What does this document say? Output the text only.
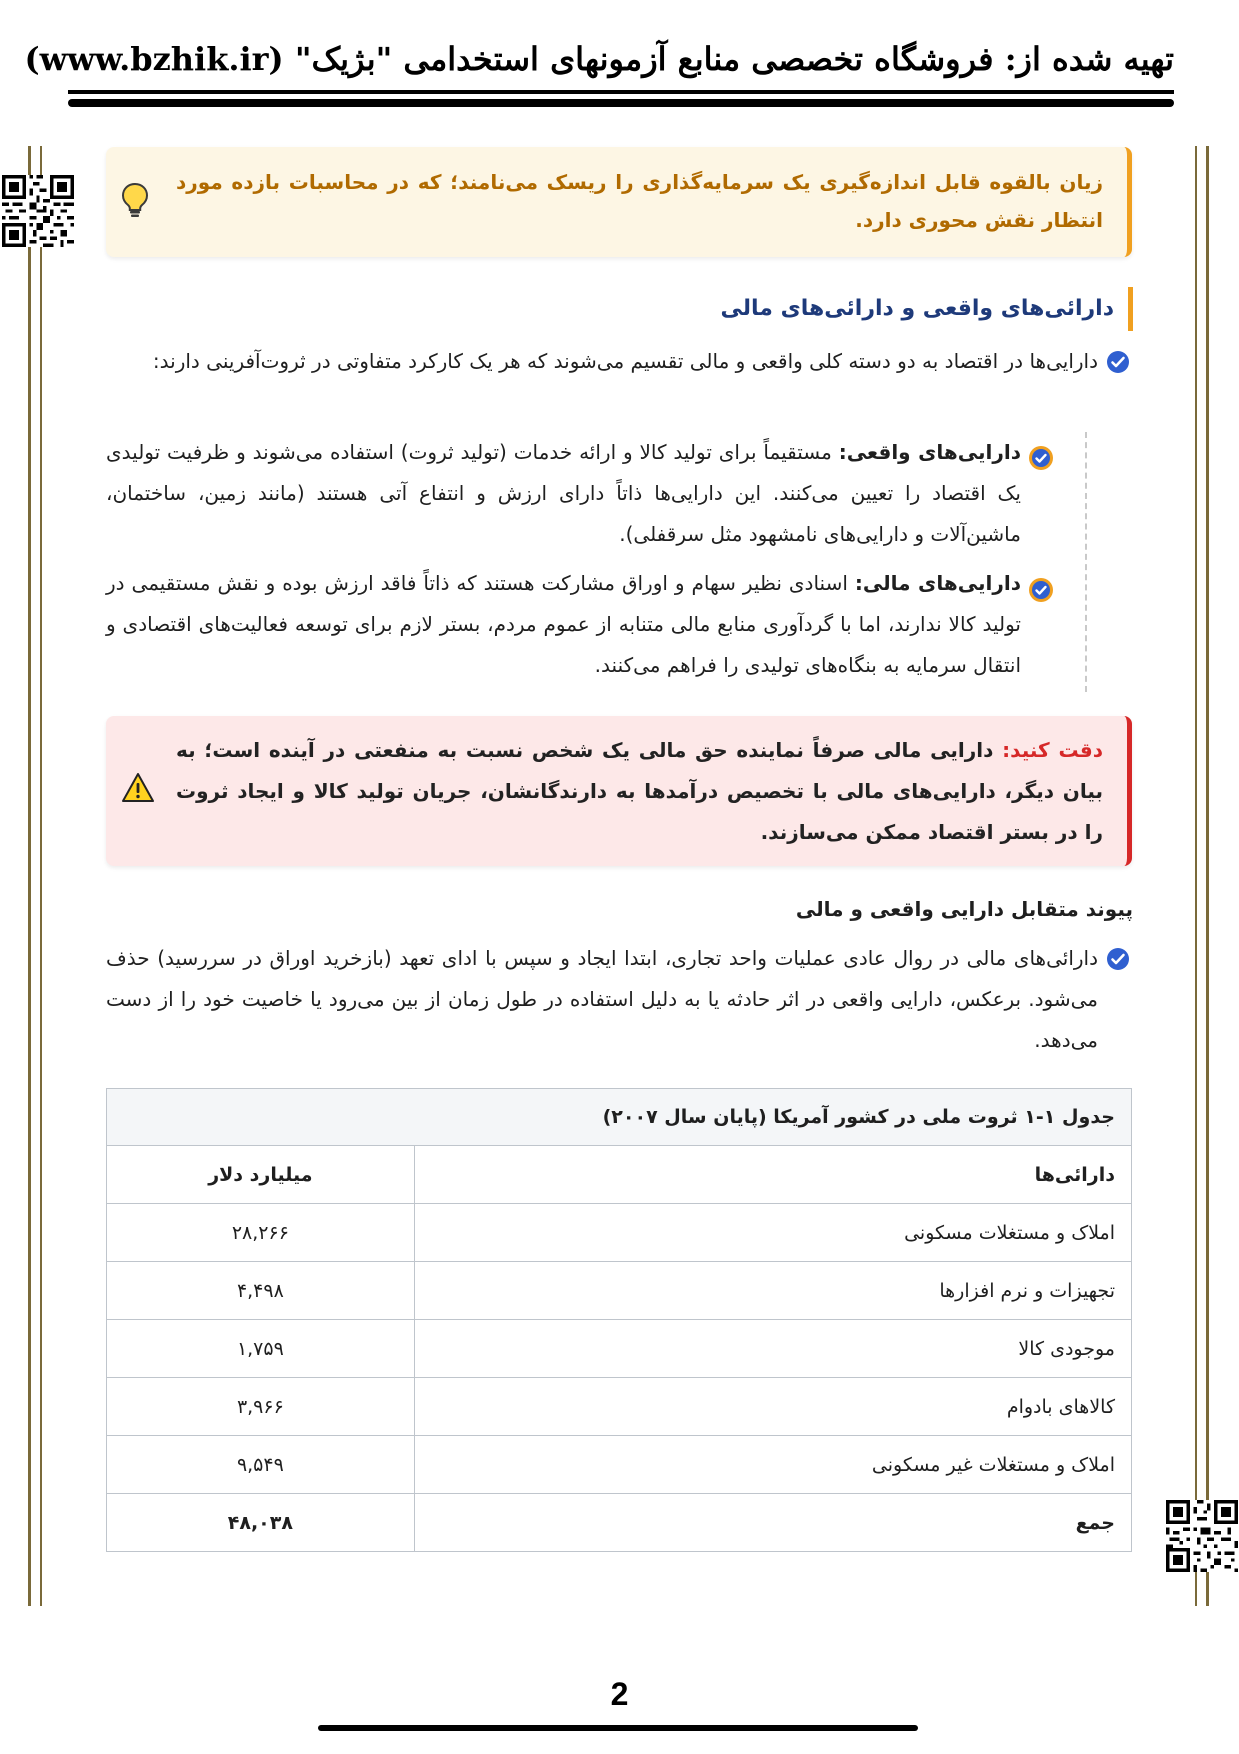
تهیه شده از: فروشگاه تخصصی منابع آزمونهای استخدامی "بژیک" (www.bzhik.ir)

زیان بالقوه قابل اندازه‌گیری یک سرمایه‌گذاری را ریسک می‌نامند؛ که در محاسبات بازده مورد انتظار نقش محوری دارد.

دارائی‌های واقعی و دارائی‌های مالی

دارایی‌ها در اقتصاد به دو دسته کلی واقعی و مالی تقسیم می‌شوند که هر یک کارکرد متفاوتی در ثروت‌آفرینی دارند:

دارایی‌های واقعی: مستقیماً برای تولید کالا و ارائه خدمات (تولید ثروت) استفاده می‌شوند و ظرفیت تولیدی یک اقتصاد را تعیین می‌کنند. این دارایی‌ها ذاتاً دارای ارزش و انتفاع آتی هستند (مانند زمین، ساختمان، ماشین‌آلات و دارایی‌های نامشهود مثل سرقفلی).

دارایی‌های مالی: اسنادی نظیر سهام و اوراق مشارکت هستند که ذاتاً فاقد ارزش بوده و نقش مستقیمی در تولید کالا ندارند، اما با گردآوری منابع مالی متنابه از عموم مردم، بستر لازم برای توسعه فعالیت‌های اقتصادی و انتقال سرمایه به بنگاه‌های تولیدی را فراهم می‌کنند.

دقت کنید: دارایی مالی صرفاً نماینده حق مالی یک شخص نسبت به منفعتی در آینده است؛ به بیان دیگر، دارایی‌های مالی با تخصیص درآمدها به دارندگانشان، جریان تولید کالا و ایجاد ثروت را در بستر اقتصاد ممکن می‌سازند.

پیوند متقابل دارایی واقعی و مالی

دارائی‌های مالی در روال عادی عملیات واحد تجاری، ابتدا ایجاد و سپس با ادای تعهد (بازخرید اوراق در سررسید) حذف می‌شود. برعکس، دارایی واقعی در اثر حادثه یا به دلیل استفاده در طول زمان از بین می‌رود یا خاصیت خود را از دست می‌دهد.

جدول ۱-۱ ثروت ملی در کشور آمریکا (پایان سال ۲۰۰۷)	
دارائی‌ها	میلیارد دلار
املاک و مستغلات مسکونی	۲۸,۲۶۶
تجهیزات و نرم افزارها	۴,۴۹۸
موجودی کالا	۱,۷۵۹
کالاهای بادوام	۳,۹۶۶
املاک و مستغلات غیر مسکونی	۹,۵۴۹
جمع	۴۸,۰۳۸
2
